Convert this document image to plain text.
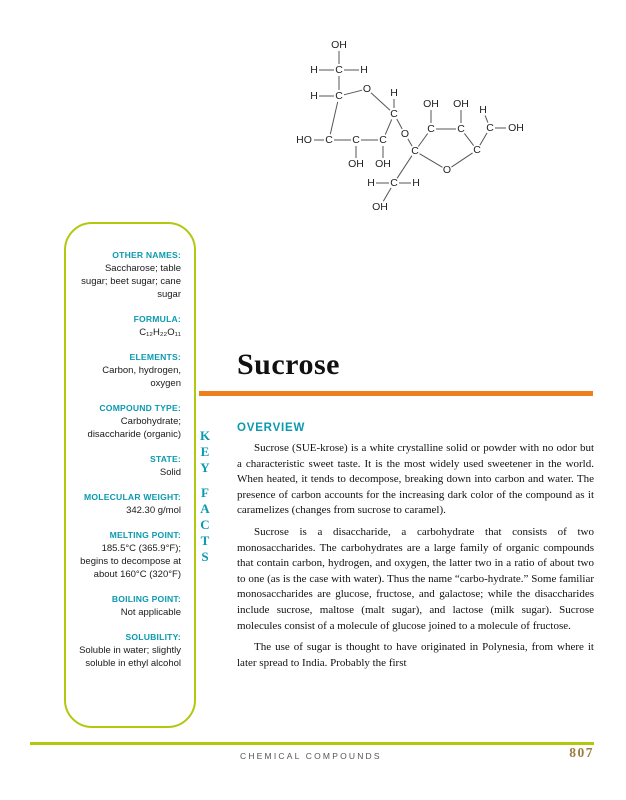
OH
H C H
H C
O H
C
C
C
C
HO
OH OH
O
C
C
OH
C
OH
C
O
C
H
OH
C
H	H
OH
OTHER NAMES:
Saccharose; table sugar; beet sugar; cane sugar
FORMULA:
C₁₂H₂₂O₁₁
ELEMENTS:
Carbon, hydrogen, oxygen
COMPOUND TYPE:
Carbohydrate; disaccharide (organic)
STATE:
Solid
MOLECULAR WEIGHT:
342.30 g/mol
MELTING POINT:
185.5°C (365.9°F); begins to decompose at about 160°C (320°F)
BOILING POINT:
Not applicable
SOLUBILITY:
Soluble in water; slightly soluble in ethyl alcohol
K
E
Y
F
A
C
T
S
Sucrose
OVERVIEW

Sucrose (SUE-krose) is a white crystalline solid or powder with no odor but a characteristic sweet taste. It is the most widely used sweetener in the world. When heated, it tends to decompose, breaking down into carbon and water. The presence of carbon accounts for the increasing dark color of the compound as it caramelizes (changes from sucrose to caramel).

Sucrose is a disaccharide, a carbohydrate that consists of two monosaccharides. The carbohydrates are a large family of organic compounds that contain carbon, hydrogen, and oxygen, the latter two in a ratio of about two to one (as is the case with water). Thus the name “carbo-hydrate.” Some familiar monosaccharides are glucose, fructose, and galactose; while the disaccharides include sucrose, maltose (malt sugar), and lactose (milk sugar). Sucrose molecules consist of a molecule of glucose joined to a molecule of fructose.

The use of sugar is thought to have originated in Polynesia, from where it later spread to India. Probably the first

CHEMICAL COMPOUNDS	807
